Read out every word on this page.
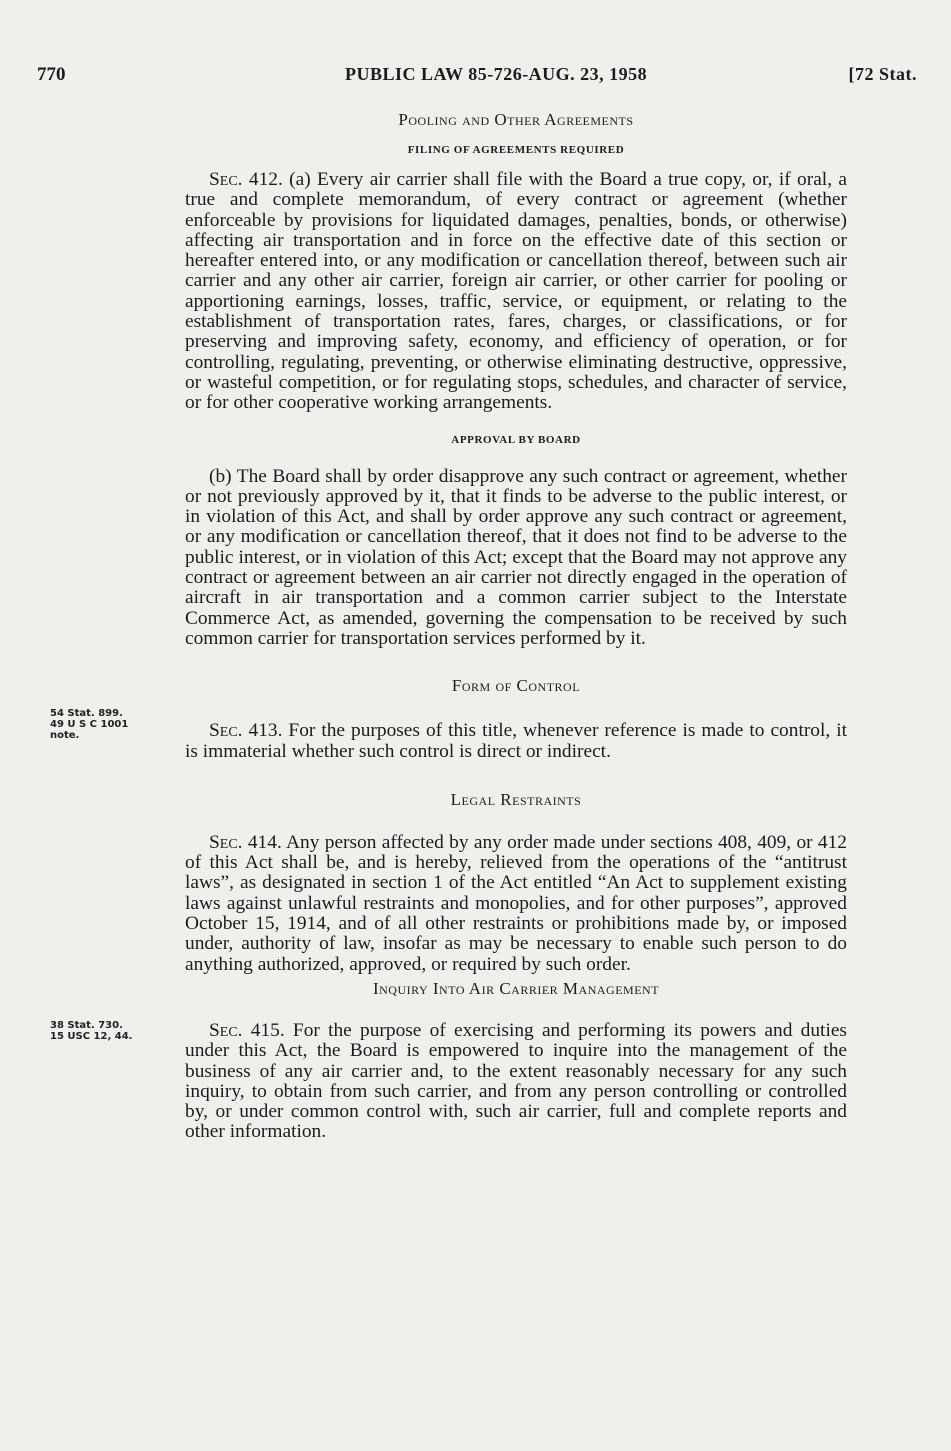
770	PUBLIC LAW 85-726-AUG. 23, 1958	[72 Stat.

Pooling and Other Agreements

FILING OF AGREEMENTS REQUIRED

Sec. 412. (a) Every air carrier shall file with the Board a true copy, or, if oral, a true and complete memorandum, of every contract or agreement (whether enforceable by provisions for liquidated damages, penalties, bonds, or otherwise) affecting air transportation and in force on the effective date of this section or hereafter entered into, or any modification or cancellation thereof, between such air carrier and any other air carrier, foreign air carrier, or other carrier for pooling or apportioning earnings, losses, traffic, service, or equipment, or relating to the establishment of transportation rates, fares, charges, or classifications, or for preserving and improving safety, economy, and efficiency of operation, or for controlling, regulating, preventing, or otherwise eliminating destructive, oppressive, or wasteful competition, or for regulating stops, schedules, and character of service, or for other cooperative working arrangements.

APPROVAL BY BOARD

(b) The Board shall by order disapprove any such contract or agreement, whether or not previously approved by it, that it finds to be adverse to the public interest, or in violation of this Act, and shall by order approve any such contract or agreement, or any modification or cancellation thereof, that it does not find to be adverse to the public interest, or in violation of this Act; except that the Board may not approve any contract or agreement between an air carrier not directly engaged in the operation of aircraft in air transportation and a common carrier subject to the Interstate Commerce Act, as amended, governing the compensation to be received by such common carrier for transportation services performed by it.

Form of Control

Sec. 413. For the purposes of this title, whenever reference is made to control, it is immaterial whether such control is direct or indirect.

Legal Restraints

Sec. 414. Any person affected by any order made under sections 408, 409, or 412 of this Act shall be, and is hereby, relieved from the operations of the “antitrust laws”, as designated in section 1 of the Act entitled “An Act to supplement existing laws against unlawful restraints and monopolies, and for other purposes”, approved October 15, 1914, and of all other restraints or prohibitions made by, or imposed under, authority of law, insofar as may be necessary to enable such person to do anything authorized, approved, or required by such order.

Inquiry Into Air Carrier Management

Sec. 415. For the purpose of exercising and performing its powers and duties under this Act, the Board is empowered to inquire into the management of the business of any air carrier and, to the extent reasonably necessary for any such inquiry, to obtain from such carrier, and from any person controlling or controlled by, or under common control with, such air carrier, full and complete reports and other information.

54 Stat. 899.
49 U S C 1001
note.
38 Stat. 730.
15 USC 12, 44.
